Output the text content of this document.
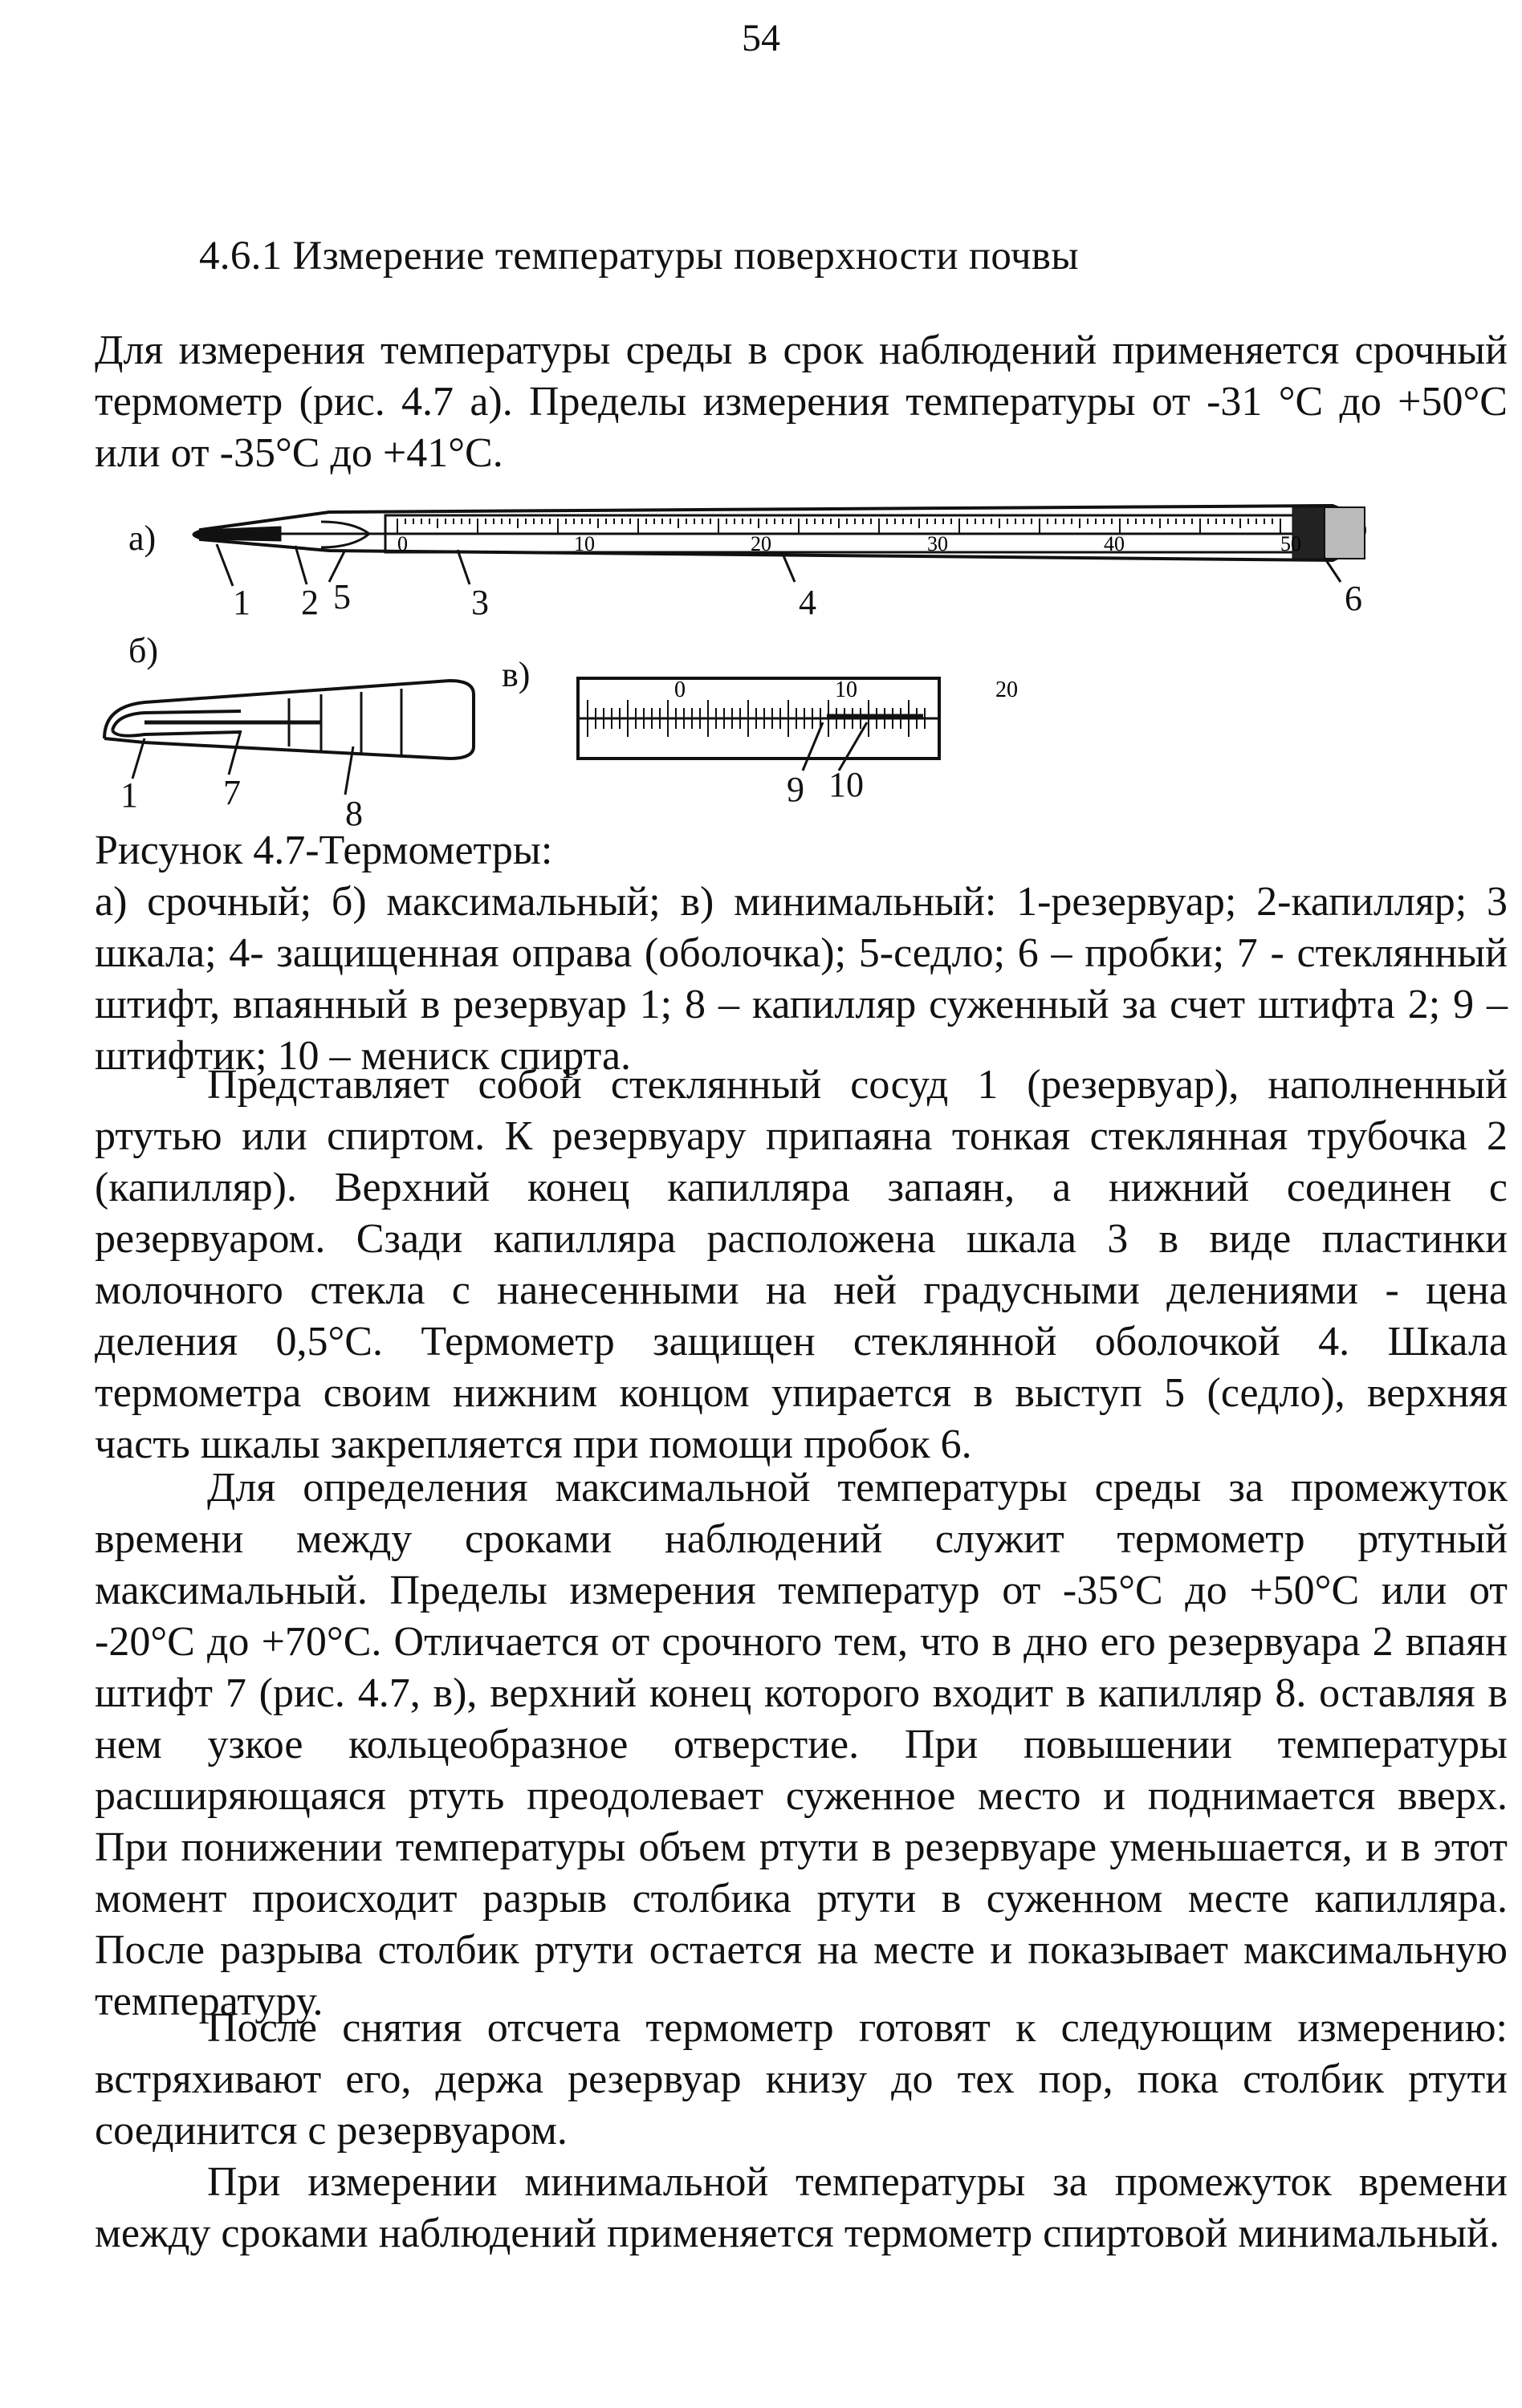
54
4.6.1 Измерение температуры поверхности почвы

Для измерения температуры среды в срок наблюдений применяется срочный термометр (рис. 4.7 а). Пределы измерения температуры от -31 °С до +50°С или от -35°С до +41°С.

а)
б)
в)
0	10	20	30	40	50
0	10	20
1 2 5	3	4	6
1 7
8
9 10
Рисунок 4.7-Термометры:

а) срочный; б) максимальный; в) минимальный: 1-резервуар; 2-капилляр; 3 шкала; 4- защищенная оправа (оболочка); 5-седло; 6 – пробки; 7 - стеклянный штифт, впаянный в резервуар 1; 8 – капилляр суженный за счет штифта 2; 9 – штифтик; 10 – мениск спирта.

Представляет собой стеклянный сосуд 1 (резервуар), наполненный ртутью или спиртом. К резервуару припаяна тонкая стеклянная трубочка 2 (капилляр). Верхний конец капилляра запаян, а нижний соединен с резервуаром. Сзади капилляра расположена шкала 3 в виде пластинки молочного стекла с нанесенными на ней градусными делениями - цена деления 0,5°С. Термометр защищен стеклянной оболочкой 4. Шкала термометра своим нижним концом упирается в выступ 5 (седло), верхняя часть шкалы закрепляется при помощи пробок 6.

Для определения максимальной температуры среды за промежуток времени между сроками наблюдений служит термометр ртутный максимальный. Пределы измерения температур от -35°С до +50°С или от -20°С до +70°С. Отличается от срочного тем, что в дно его резервуара 2 впаян штифт 7 (рис. 4.7, в), верхний конец которого входит в капилляр 8. оставляя в нем узкое кольцеобразное отверстие. При повышении температуры расширяющаяся ртуть преодолевает суженное место и поднимается вверх. При понижении температуры объем ртути в резервуаре уменьшается, и в этот момент происходит разрыв столбика ртути в суженном месте капилляра. После разрыва столбик ртути остается на месте и показывает максимальную температуру.

После снятия отсчета термометр готовят к следующим измерению: встряхивают его, держа резервуар книзу до тех пор, пока столбик ртути соединится с резервуаром.

При измерении минимальной температуры за промежуток времени между сроками наблюдений применяется термометр спиртовой минимальный.
